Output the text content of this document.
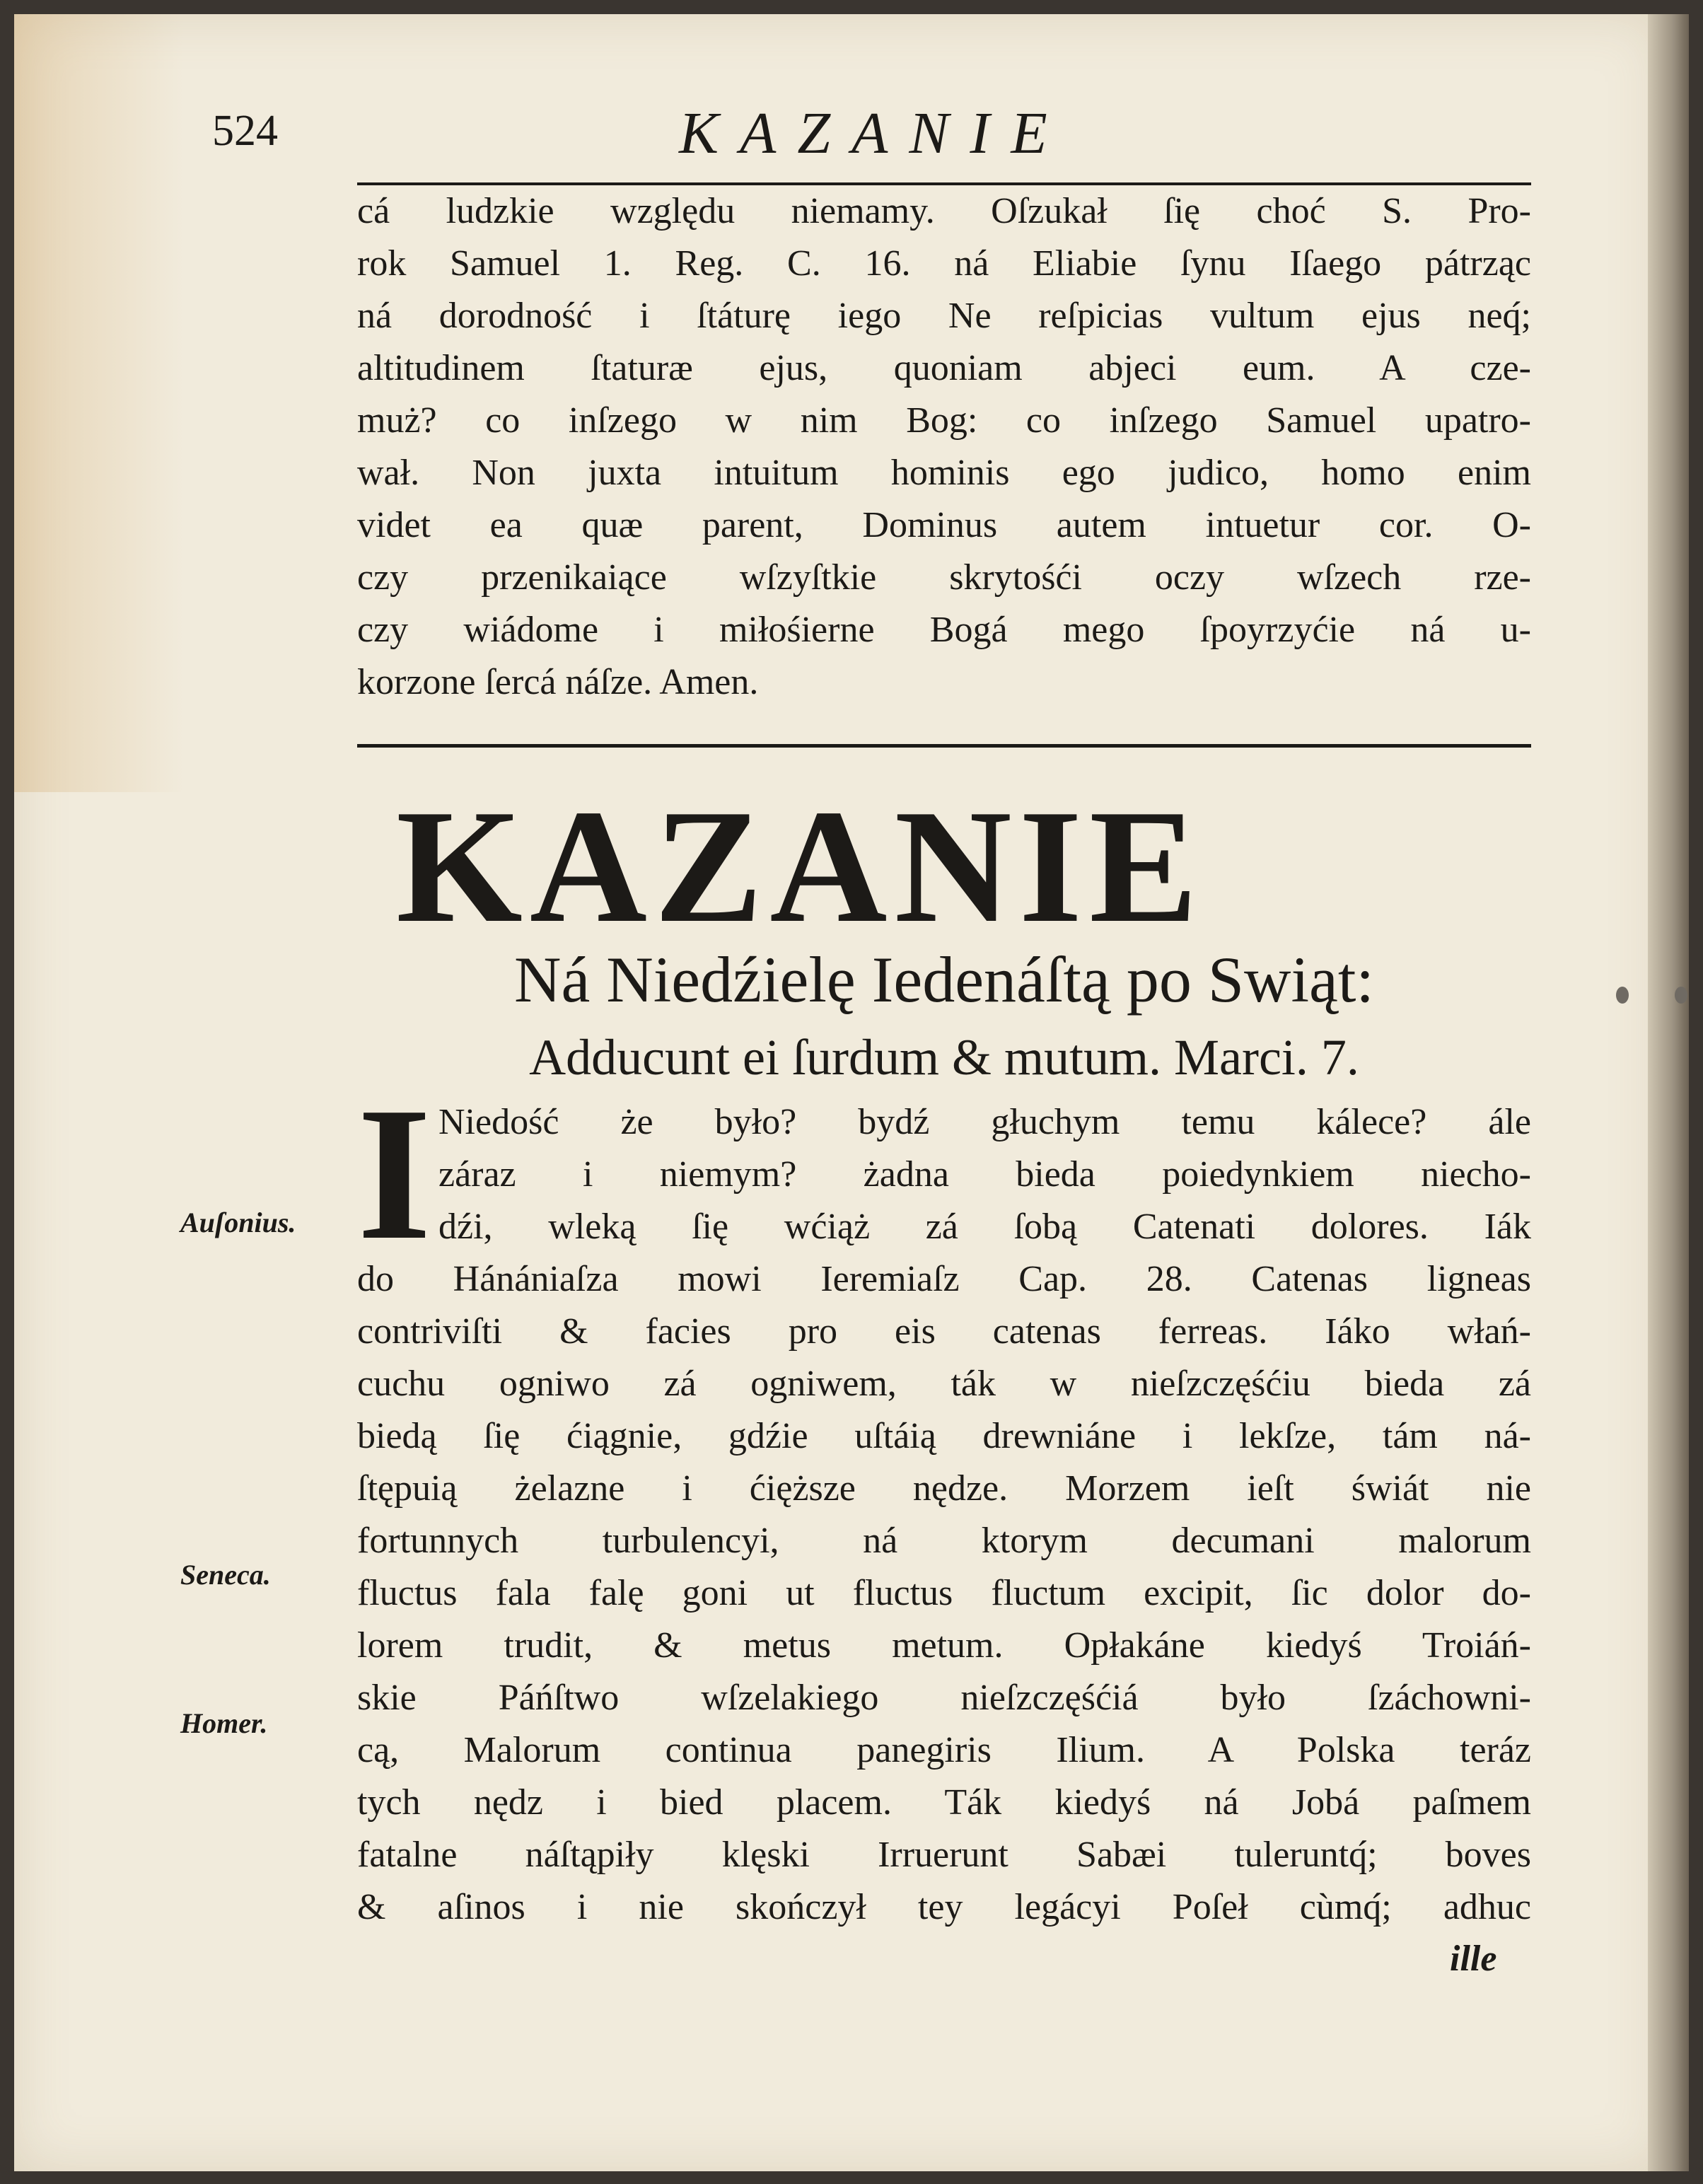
524	KAZANIE
cá ludzkie względu niemamy. Oſzukał ſię choć S. Pro-
rok Samuel 1. Reg. C. 16. ná Eliabie ſynu Iſaego pátrząc
ná dorodność i ſtáturę iego Ne reſpicias vultum ejus neq́;
altitudinem ſtaturæ ejus, quoniam abjeci eum. A cze-
muż? co inſzego w nim Bog: co inſzego Samuel upatro-
wał. Non juxta intuitum hominis ego judico, homo enim
videt ea quæ parent, Dominus autem intuetur cor. O-
czy przenikaiące wſzyſtkie skrytośći oczy wſzech rze-
czy wiádome i miłośierne Bogá mego ſpoyrzyćie ná u-
korzone ſercá náſze. Amen.
KAZANIE
Ná Niedźielę Iedenáſtą po Swiąt:
Adducunt ei ſurdum & mutum. Marci. 7.
I Niedość że było? bydź głuchym temu kálece? ále
záraz i niemym? żadna bieda poiedynkiem niecho-
dźi, wleką ſię wćiąż zá ſobą Catenati dolores. Iák
do Hánániaſza mowi Ieremiaſz Cap. 28. Catenas ligneas
contriviſti & facies pro eis catenas ferreas. Iáko włań-
cuchu ogniwo zá ogniwem, ták w nieſzczęśćiu bieda zá
biedą ſię ćiągnie, gdźie uſtáią drewniáne i lekſze, tám ná-
ſtępuią żelazne i ćięższe nędze. Morzem ieſt świát nie
fortunnych turbulencyi, ná ktorym decumani malorum
fluctus fala falę goni ut fluctus fluctum excipit, ſic dolor do-
lorem trudit, & metus metum. Opłakáne kiedyś Troiáń-
skie Páńſtwo wſzelakiego nieſzczęśćiá było ſzáchowni-
cą, Malorum continua panegiris Ilium. A Polska teráz
tych nędz i bied placem. Ták kiedyś ná Jobá paſmem
fatalne náſtąpiły klęski Irruerunt Sabæi tuleruntq́; boves
& aſinos i nie skończył tey legácyi Poſeł cùmq́; adhuc
ille
Auſonius.
Seneca.
Homer.
